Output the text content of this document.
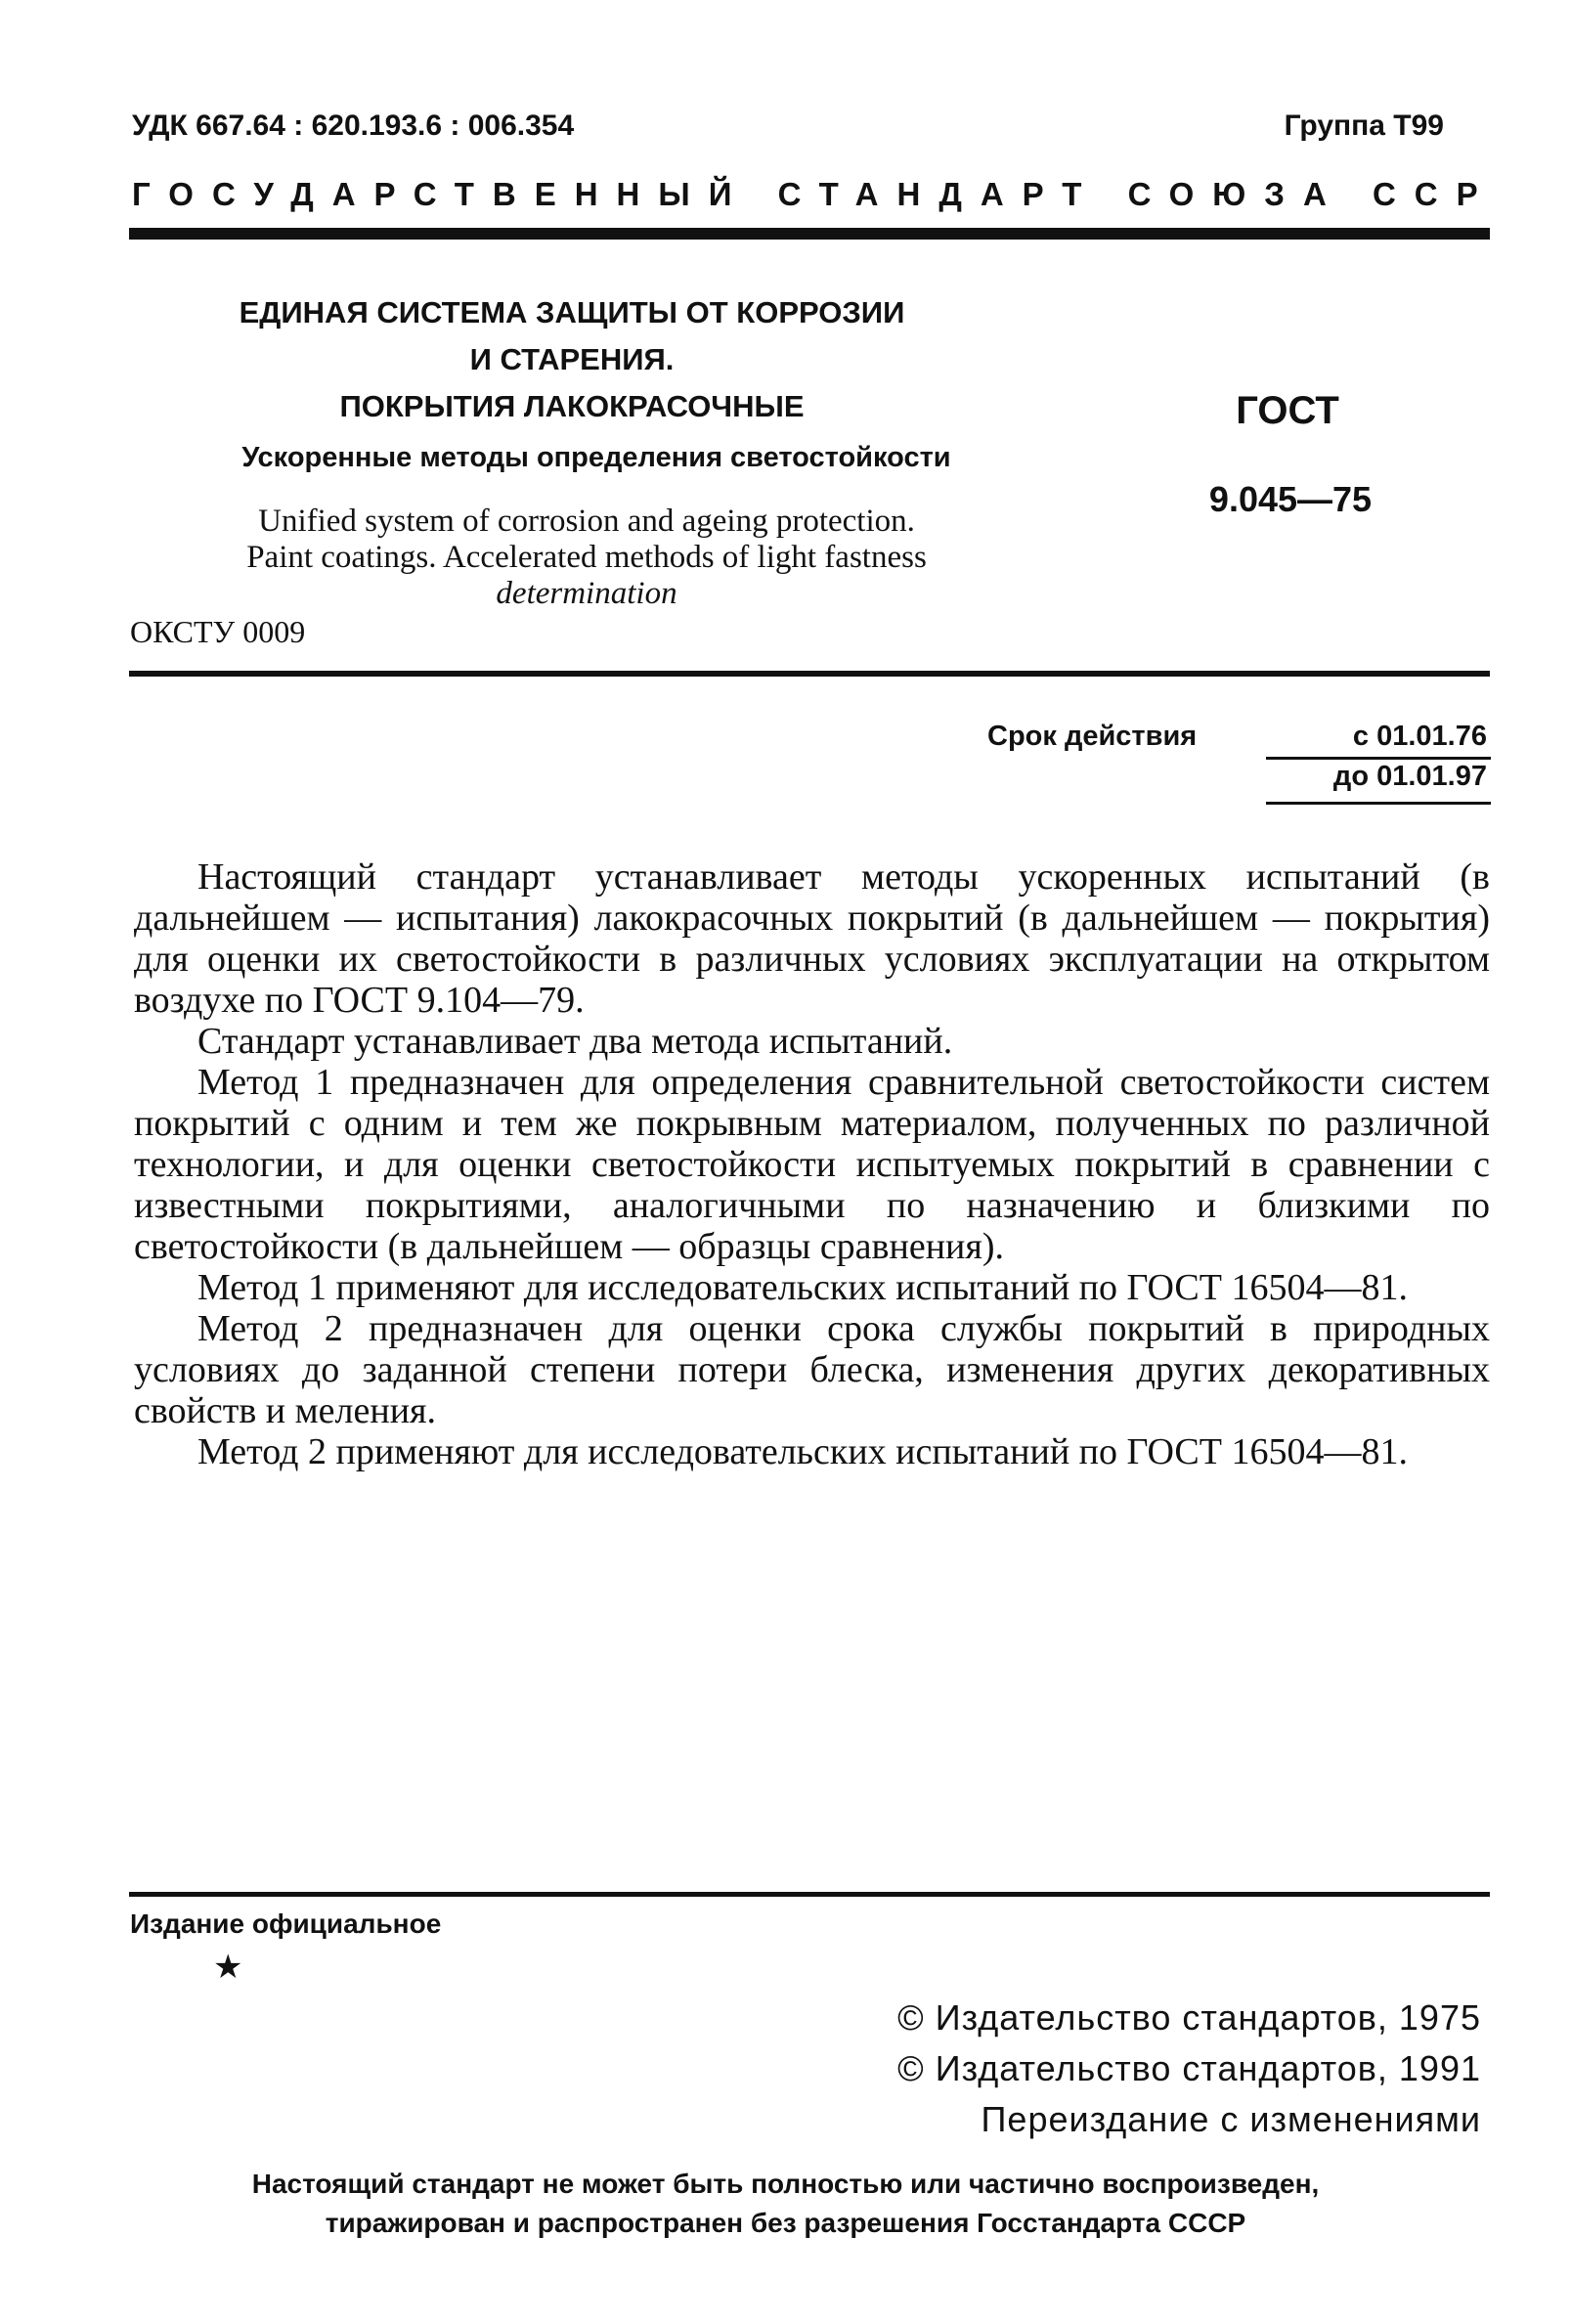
УДК 667.64 : 620.193.6 : 006.354	Группа Т99
ГОСУДАРСТВЕННЫЙ СТАНДАРТ СОЮЗА ССР
ЕДИНАЯ СИСТЕМА ЗАЩИТЫ ОТ КОРРОЗИИ
И СТАРЕНИЯ.
ПОКРЫТИЯ ЛАКОКРАСОЧНЫЕ
Ускоренные методы определения светостойкости
Unified system of corrosion and ageing protection.
Paint coatings. Accelerated methods of light fastness
determination
ОКСТУ 0009
ГОСТ
9.045—75
Срок действия	с 01.01.76
до 01.01.97

Настоящий стандарт устанавливает методы ускоренных испытаний (в дальнейшем — испытания) лакокрасочных покрытий (в дальнейшем — покрытия) для оценки их светостойкости в различных условиях эксплуатации на открытом воздухе по ГОСТ 9.104—79.

Стандарт устанавливает два метода испытаний.

Метод 1 предназначен для определения сравнительной светостойкости систем покрытий с одним и тем же покрывным материалом, полученных по различной технологии, и для оценки светостойкости испытуемых покрытий в сравнении с известными покрытиями, аналогичными по назначению и близкими по светостойкости (в дальнейшем — образцы сравнения).

Метод 1 применяют для исследовательских испытаний по ГОСТ 16504—81.

Метод 2 предназначен для оценки срока службы покрытий в природных условиях до заданной степени потери блеска, изменения других декоративных свойств и меления.

Метод 2 применяют для исследовательских испытаний по ГОСТ 16504—81.

Издание официальное
★
© Издательство стандартов, 1975
© Издательство стандартов, 1991
Переиздание с изменениями
Настоящий стандарт не может быть полностью или частично воспроизведен,
тиражирован и распространен без разрешения Госстандарта СССР
